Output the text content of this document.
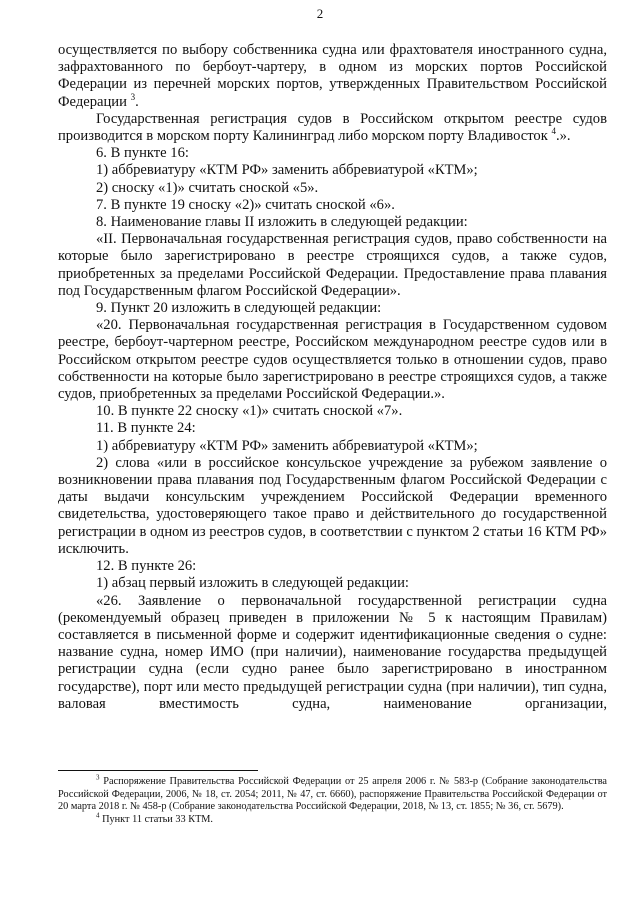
2

осуществляется по выбору собственника судна или фрахтователя иностранного судна, зафрахтованного по бербоут-чартеру, в одном из морских портов Российской Федерации из перечней морских портов, утвержденных Правительством Российской Федерации $^3$.

Государственная регистрация судов в Российском открытом реестре судов производится в морском порту Калининград либо морском порту Владивосток $^4$.».

6. В пункте 16:

1) аббревиатуру «КТМ РФ» заменить аббревиатурой «КТМ»;

2) сноску «1)» считать сноской «5».

7. В пункте 19 сноску «2)» считать сноской «6».

8. Наименование главы II изложить в следующей редакции:

«II. Первоначальная государственная регистрация судов, право собственности на которые было зарегистрировано в реестре строящихся судов, а также судов, приобретенных за пределами Российской Федерации. Предоставление права плавания под Государственным флагом Российской Федерации».

9. Пункт 20 изложить в следующей редакции:

«20. Первоначальная государственная регистрация в Государственном судовом реестре, бербоут-чартерном реестре, Российском международном реестре судов или в Российском открытом реестре судов осуществляется только в отношении судов, право собственности на которые было зарегистрировано в реестре строящихся судов, а также судов, приобретенных за пределами Российской Федерации.».

10. В пункте 22 сноску «1)» считать сноской «7».

11. В пункте 24:

1) аббревиатуру «КТМ РФ» заменить аббревиатурой «КТМ»;

2) слова «или в российское консульское учреждение за рубежом заявление о возникновении права плавания под Государственным флагом Российской Федерации с даты выдачи консульским учреждением Российской Федерации временного свидетельства, удостоверяющего такое право и действительного до государственной регистрации в одном из реестров судов, в соответствии с пунктом 2 статьи 16 КТМ РФ» исключить.

12. В пункте 26:

1) абзац первый изложить в следующей редакции:

«26. Заявление о первоначальной государственной регистрации судна (рекомендуемый образец приведен в приложении № 5 к настоящим Правилам) составляется в письменной форме и содержит идентификационные сведения о судне: название судна, номер ИМО (при наличии), наименование государства предыдущей регистрации судна (если судно ранее было зарегистрировано в иностранном государстве), порт или место предыдущей регистрации судна (при наличии), тип судна, валовая вместимость судна, наименование организации,

$^3$ Распоряжение Правительства Российской Федерации от 25 апреля 2006 г. № 583-р (Собрание законодательства Российской Федерации, 2006, № 18, ст. 2054; 2011, № 47, ст. 6660), распоряжение Правительства Российской Федерации от 20 марта 2018 г. № 458-р (Собрание законодательства Российской Федерации, 2018, № 13, ст. 1855; № 36, ст. 5679).

$^4$ Пункт 11 статьи 33 КТМ.
